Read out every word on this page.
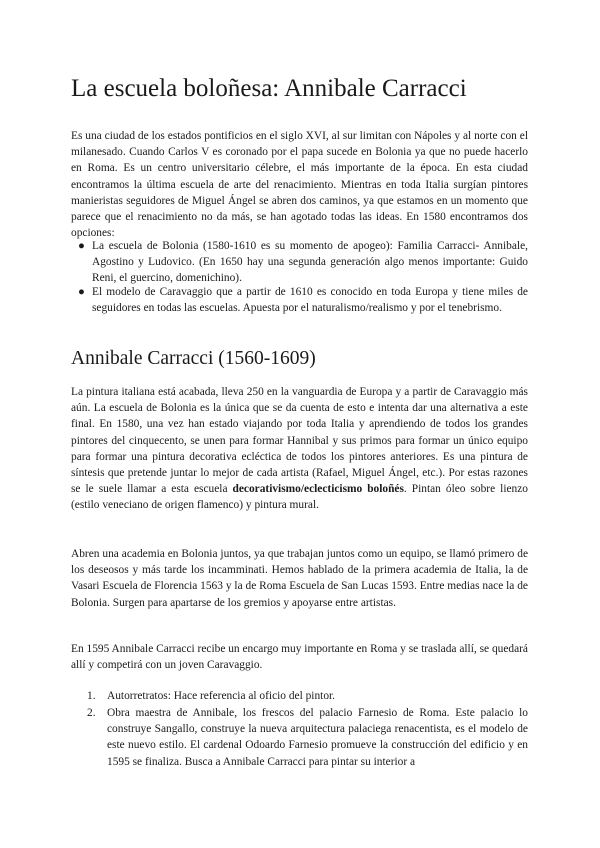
La escuela boloñesa: Annibale Carracci

Es una ciudad de los estados pontificios en el siglo XVI, al sur limitan con Nápoles y al norte con el milanesado. Cuando Carlos V es coronado por el papa sucede en Bolonia ya que no puede hacerlo en Roma. Es un centro universitario célebre, el más importante de la época. En esta ciudad encontramos la última escuela de arte del renacimiento. Mientras en toda Italia surgían pintores manieristas seguidores de Miguel Ángel se abren dos caminos, ya que estamos en un momento que parece que el renacimiento no da más, se han agotado todas las ideas. En 1580 encontramos dos opciones:

● La escuela de Bolonia (1580-1610 es su momento de apogeo): Familia Carracci- Annibale, Agostino y Ludovico. (En 1650 hay una segunda generación algo menos importante: Guido Reni, el guercino, domenichino).
● El modelo de Caravaggio que a partir de 1610 es conocido en toda Europa y tiene miles de seguidores en todas las escuelas. Apuesta por el naturalismo/realismo y por el tenebrismo.
Annibale Carracci (1560-1609)

La pintura italiana está acabada, lleva 250 en la vanguardia de Europa y a partir de Caravaggio más aún. La escuela de Bolonia es la única que se da cuenta de esto e intenta dar una alternativa a este final. En 1580, una vez han estado viajando por toda Italia y aprendiendo de todos los grandes pintores del cinquecento, se unen para formar Hannibal y sus primos para formar un único equipo para formar una pintura decorativa ecléctica de todos los pintores anteriores. Es una pintura de síntesis que pretende juntar lo mejor de cada artista (Rafael, Miguel Ángel, etc.). Por estas razones se le suele llamar a esta escuela decorativismo/eclecticismo boloñés. Pintan óleo sobre lienzo (estilo veneciano de origen flamenco) y pintura mural.

Abren una academia en Bolonia juntos, ya que trabajan juntos como un equipo, se llamó primero de los deseosos y más tarde los incamminati. Hemos hablado de la primera academia de Italia, la de Vasari Escuela de Florencia 1563 y la de Roma Escuela de San Lucas 1593. Entre medias nace la de Bolonia. Surgen para apartarse de los gremios y apoyarse entre artistas.

En 1595 Annibale Carracci recibe un encargo muy importante en Roma y se traslada allí, se quedará allí y competirá con un joven Caravaggio.

1.	Autorretratos: Hace referencia al oficio del pintor.
2.	Obra maestra de Annibale, los frescos del palacio Farnesio de Roma. Este palacio lo construye Sangallo, construye la nueva arquitectura palaciega renacentista, es el modelo de este nuevo estilo. El cardenal Odoardo Farnesio promueve la construcción del edificio y en 1595 se finaliza. Busca a Annibale Carracci para pintar su interior a
